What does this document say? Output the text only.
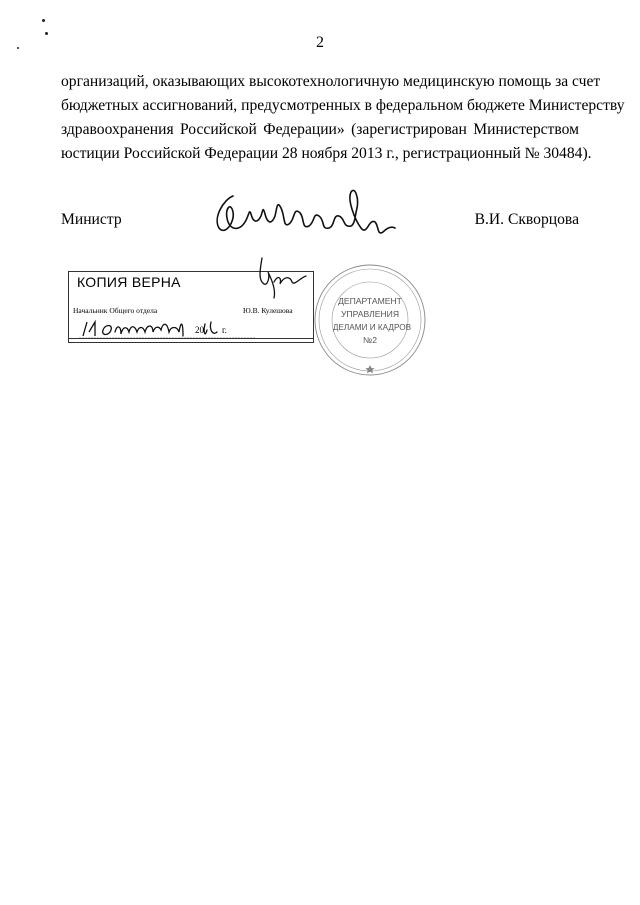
2
организаций, оказывающих высокотехнологичную медицинскую помощь за счет
бюджетных ассигнований, предусмотренных в федеральном бюджете Министерству
здравоохранения Российской Федерации» (зарегистрирован Министерством
юстиции Российской Федерации 28 ноября 2013 г., регистрационный № 30484).
Министр	В.И. Скворцова
КОПИЯ ВЕРНА
Начальник Общего отдела	Ю.В. Кулешова
20 г.
ДЕПАРТАМЕНТ
УПРАВЛЕНИЯ
ДЕЛАМИ И КАДРОВ
№2
